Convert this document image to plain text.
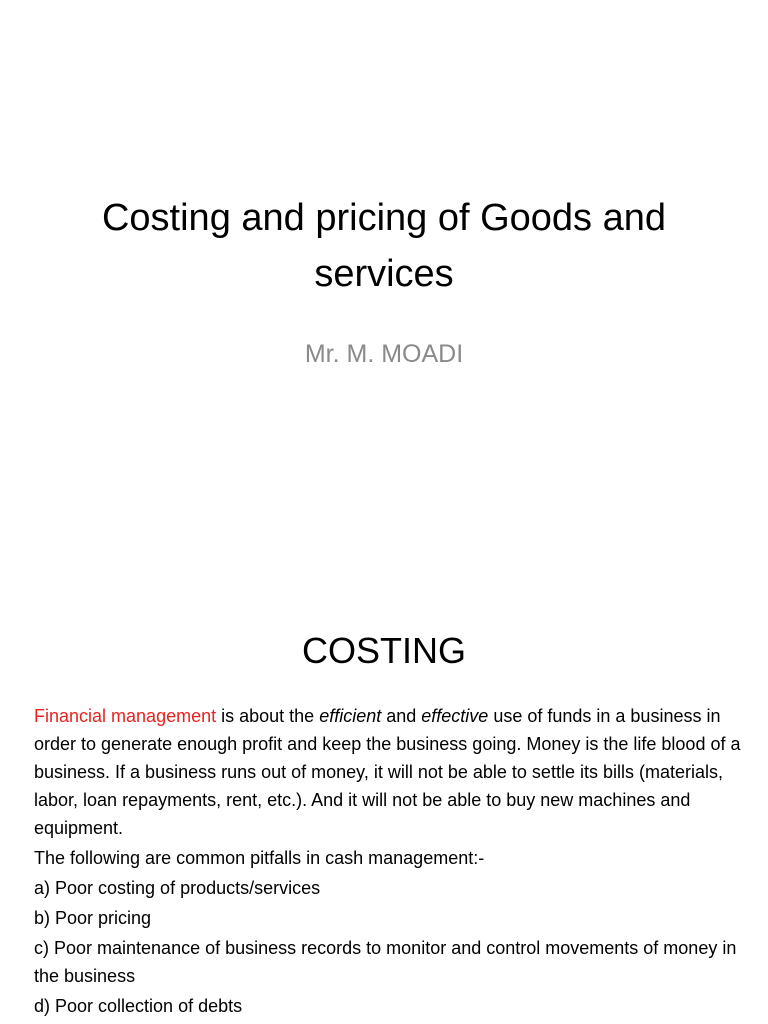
Costing and pricing of Goods and services
Mr. M. MOADI
COSTING

Financial management is about the efficient and effective use of funds in a business in order to generate enough profit and keep the business going. Money is the life blood of a business. If a business runs out of money, it will not be able to settle its bills (materials, labor, loan repayments, rent, etc.). And it will not be able to buy new machines and equipment.

The following are common pitfalls in cash management:-

a) Poor costing of products/services

b) Poor pricing

c) Poor maintenance of business records to monitor and control movements of money in the business

d) Poor collection of debts
